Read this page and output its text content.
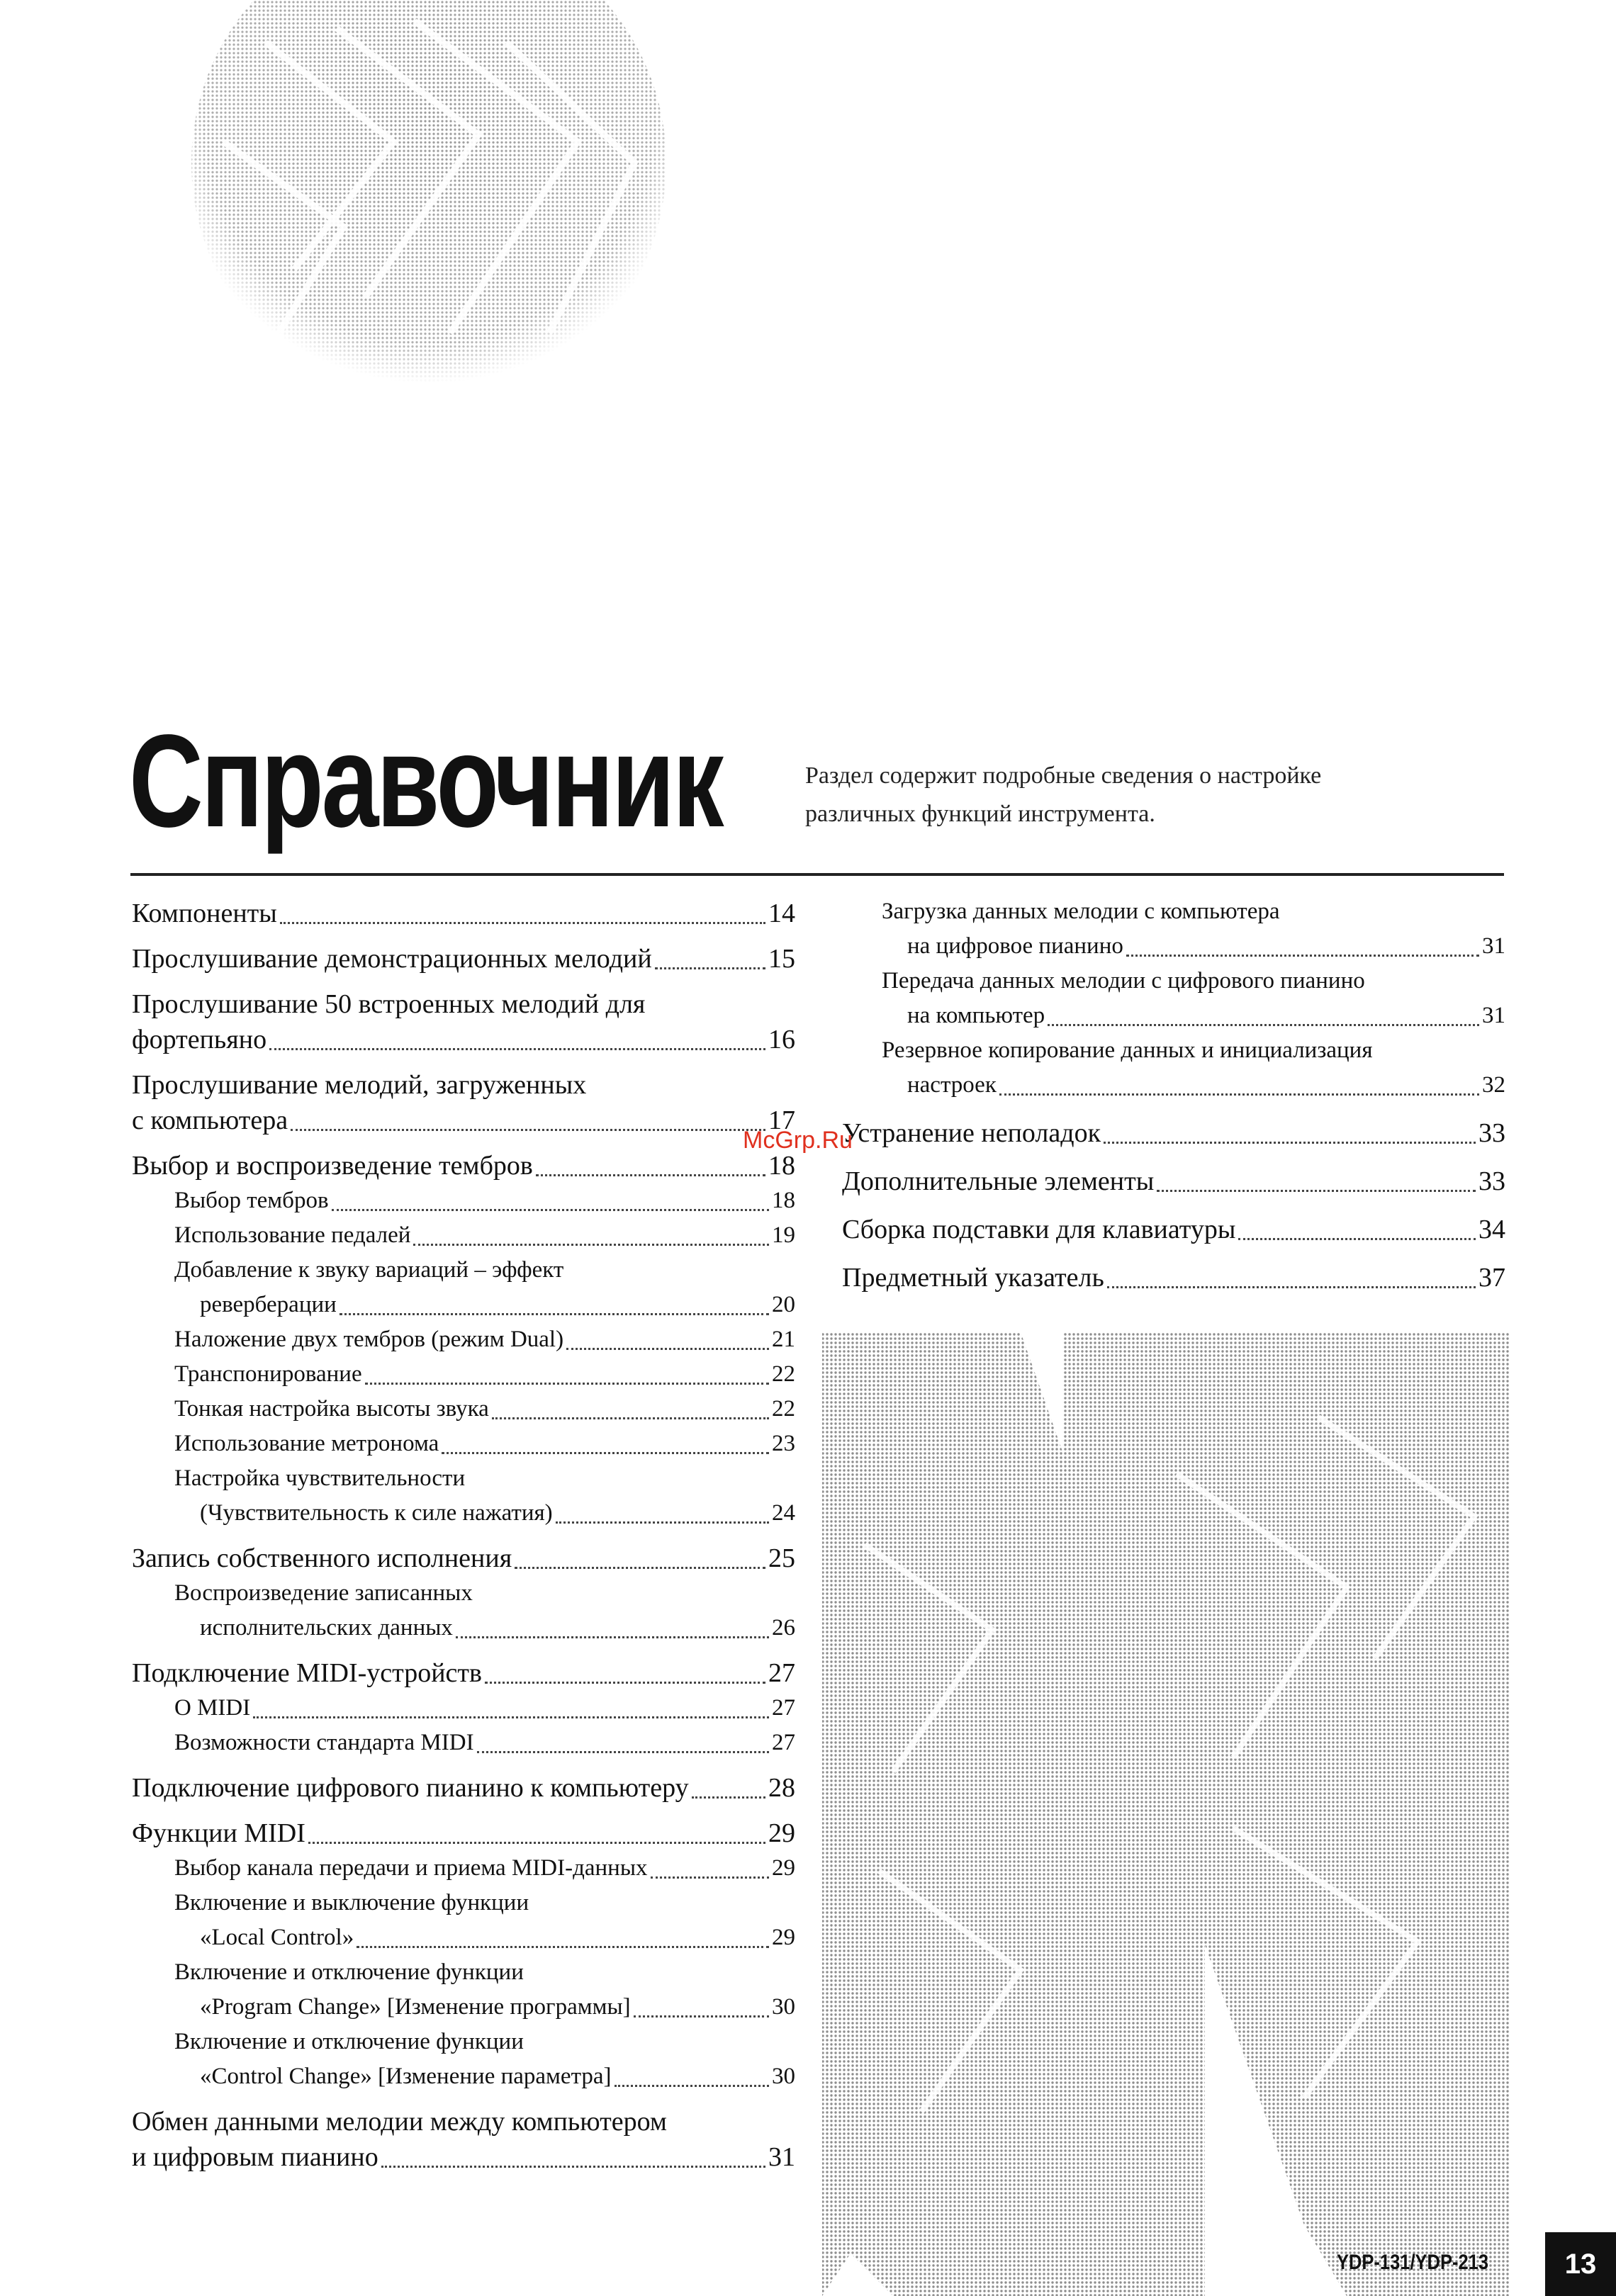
Справочник	Раздел содержит подробные сведения о настройке
различных функций инструмента.
Компоненты	14
Прослушивание демонстрационных мелодий	15
Прослушивание 50 встроенных мелодий для
фортепьяно	16
Прослушивание мелодий, загруженных
с компьютера	17
Выбор и воспроизведение тембров	18
Выбор тембров	18
Использование педалей	19
Добавление к звуку вариаций – эффект
реверберации	20
Наложение двух тембров (режим Dual)	21
Транспонирование	22
Тонкая настройка высоты звука	22
Использование метронома	23
Настройка чувствительности
(Чувствительность к силе нажатия)	24
Запись собственного исполнения	25
Воспроизведение записанных
исполнительских данных	26
Подключение MIDI-устройств	27
О MIDI	27
Возможности стандарта MIDI	27
Подключение цифрового пианино к компьютеру	28
Функции MIDI	29
Выбор канала передачи и приема MIDI-данных	29
Включение и выключение функции
«Local Control»	29
Включение и отключение функции
«Program Change» [Изменение программы]	30
Включение и отключение функции
«Control Change» [Изменение параметра]	30
Обмен данными мелодии между компьютером
и цифровым пианино	31
Загрузка данных мелодии с компьютера
на цифровое пианино	31
Передача данных мелодии с цифрового пианино
на компьютер	31
Резервное копирование данных и инициализация
настроек	32
Устранение неполадок	33
Дополнительные элементы	33
Сборка подставки для клавиатуры	34
Предметный указатель	37
McGrp.Ru
YDP-131/YDP-213	13
